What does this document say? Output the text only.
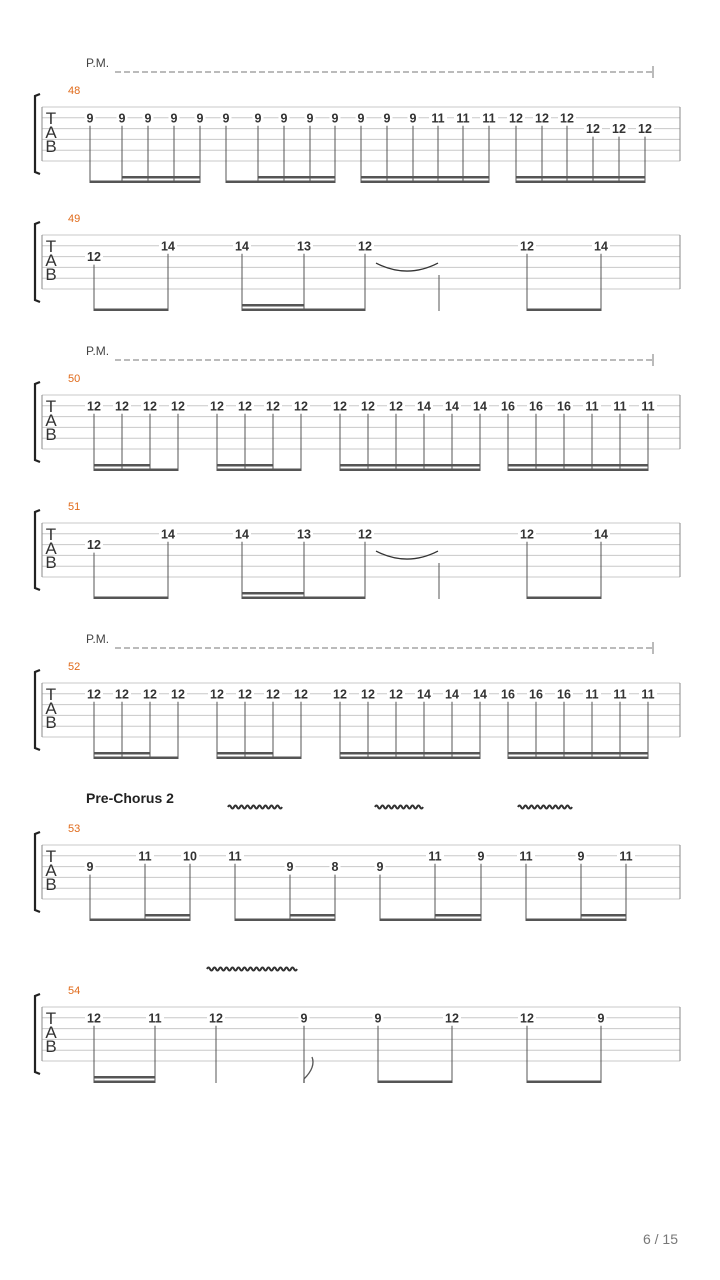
T
A
B
48
P.M.
9 9 9 9 9 9 9 9 9 9 9 9 9 11 11 11 12 12 12
12 12 12
T
A
B
49
12
14	14	13	12	12	14
T
A
B
50
P.M.
12 12 12 12 12 12 12 12 12 12 12 14 14 14 16 16 16 11 11 11
T
A
B
51
12
14	14	13	12	12	14
T
A
B
52
P.M.
12 12 12 12 12 12 12 12 12 12 12 14 14 14 16 16 16 11 11 11
T
A
B
53
Pre-Chorus 2
9
11	10	11
9	8	9
11	9	11	9	11
T
A
B
54
12	11	12	9	9	12	12	9
6 / 15
